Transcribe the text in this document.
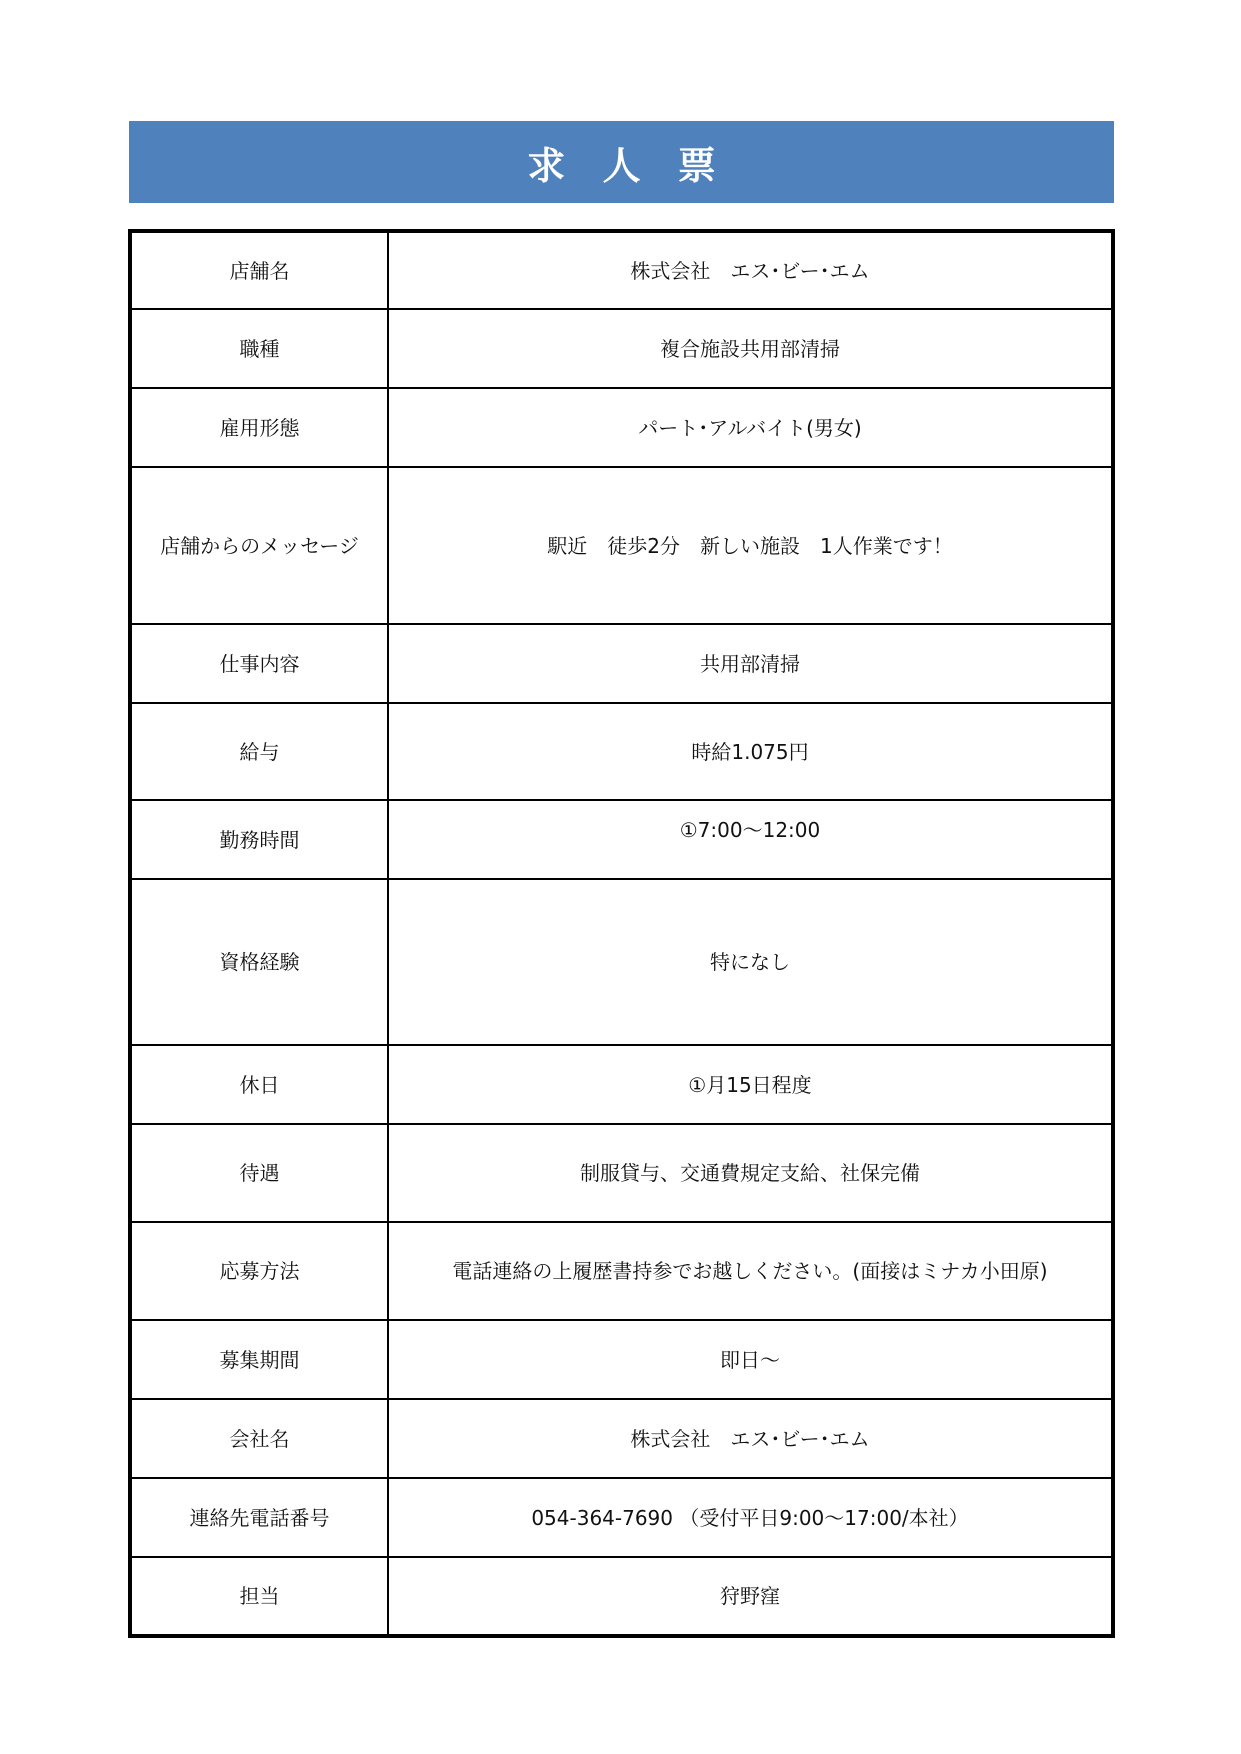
求 人 票
店舗名	株式会社　エス･ビー･エム
職種	複合施設共用部清掃
雇用形態	パート･アルバイト(男女)
店舗からのメッセージ	駅近　徒歩2分　新しい施設　1人作業です！
仕事内容	共用部清掃
給与	時給1.075円
勤務時間	①7:00～12:00
資格経験	特になし
休日	①月15日程度
待遇	制服貸与、交通費規定支給、社保完備
応募方法	電話連絡の上履歴書持参でお越しください。(面接はミナカ小田原)
募集期間	即日～
会社名	株式会社　エス･ビー･エム
連絡先電話番号	054-364-7690 （受付平日9:00～17:00/本社）
担当	狩野窪
